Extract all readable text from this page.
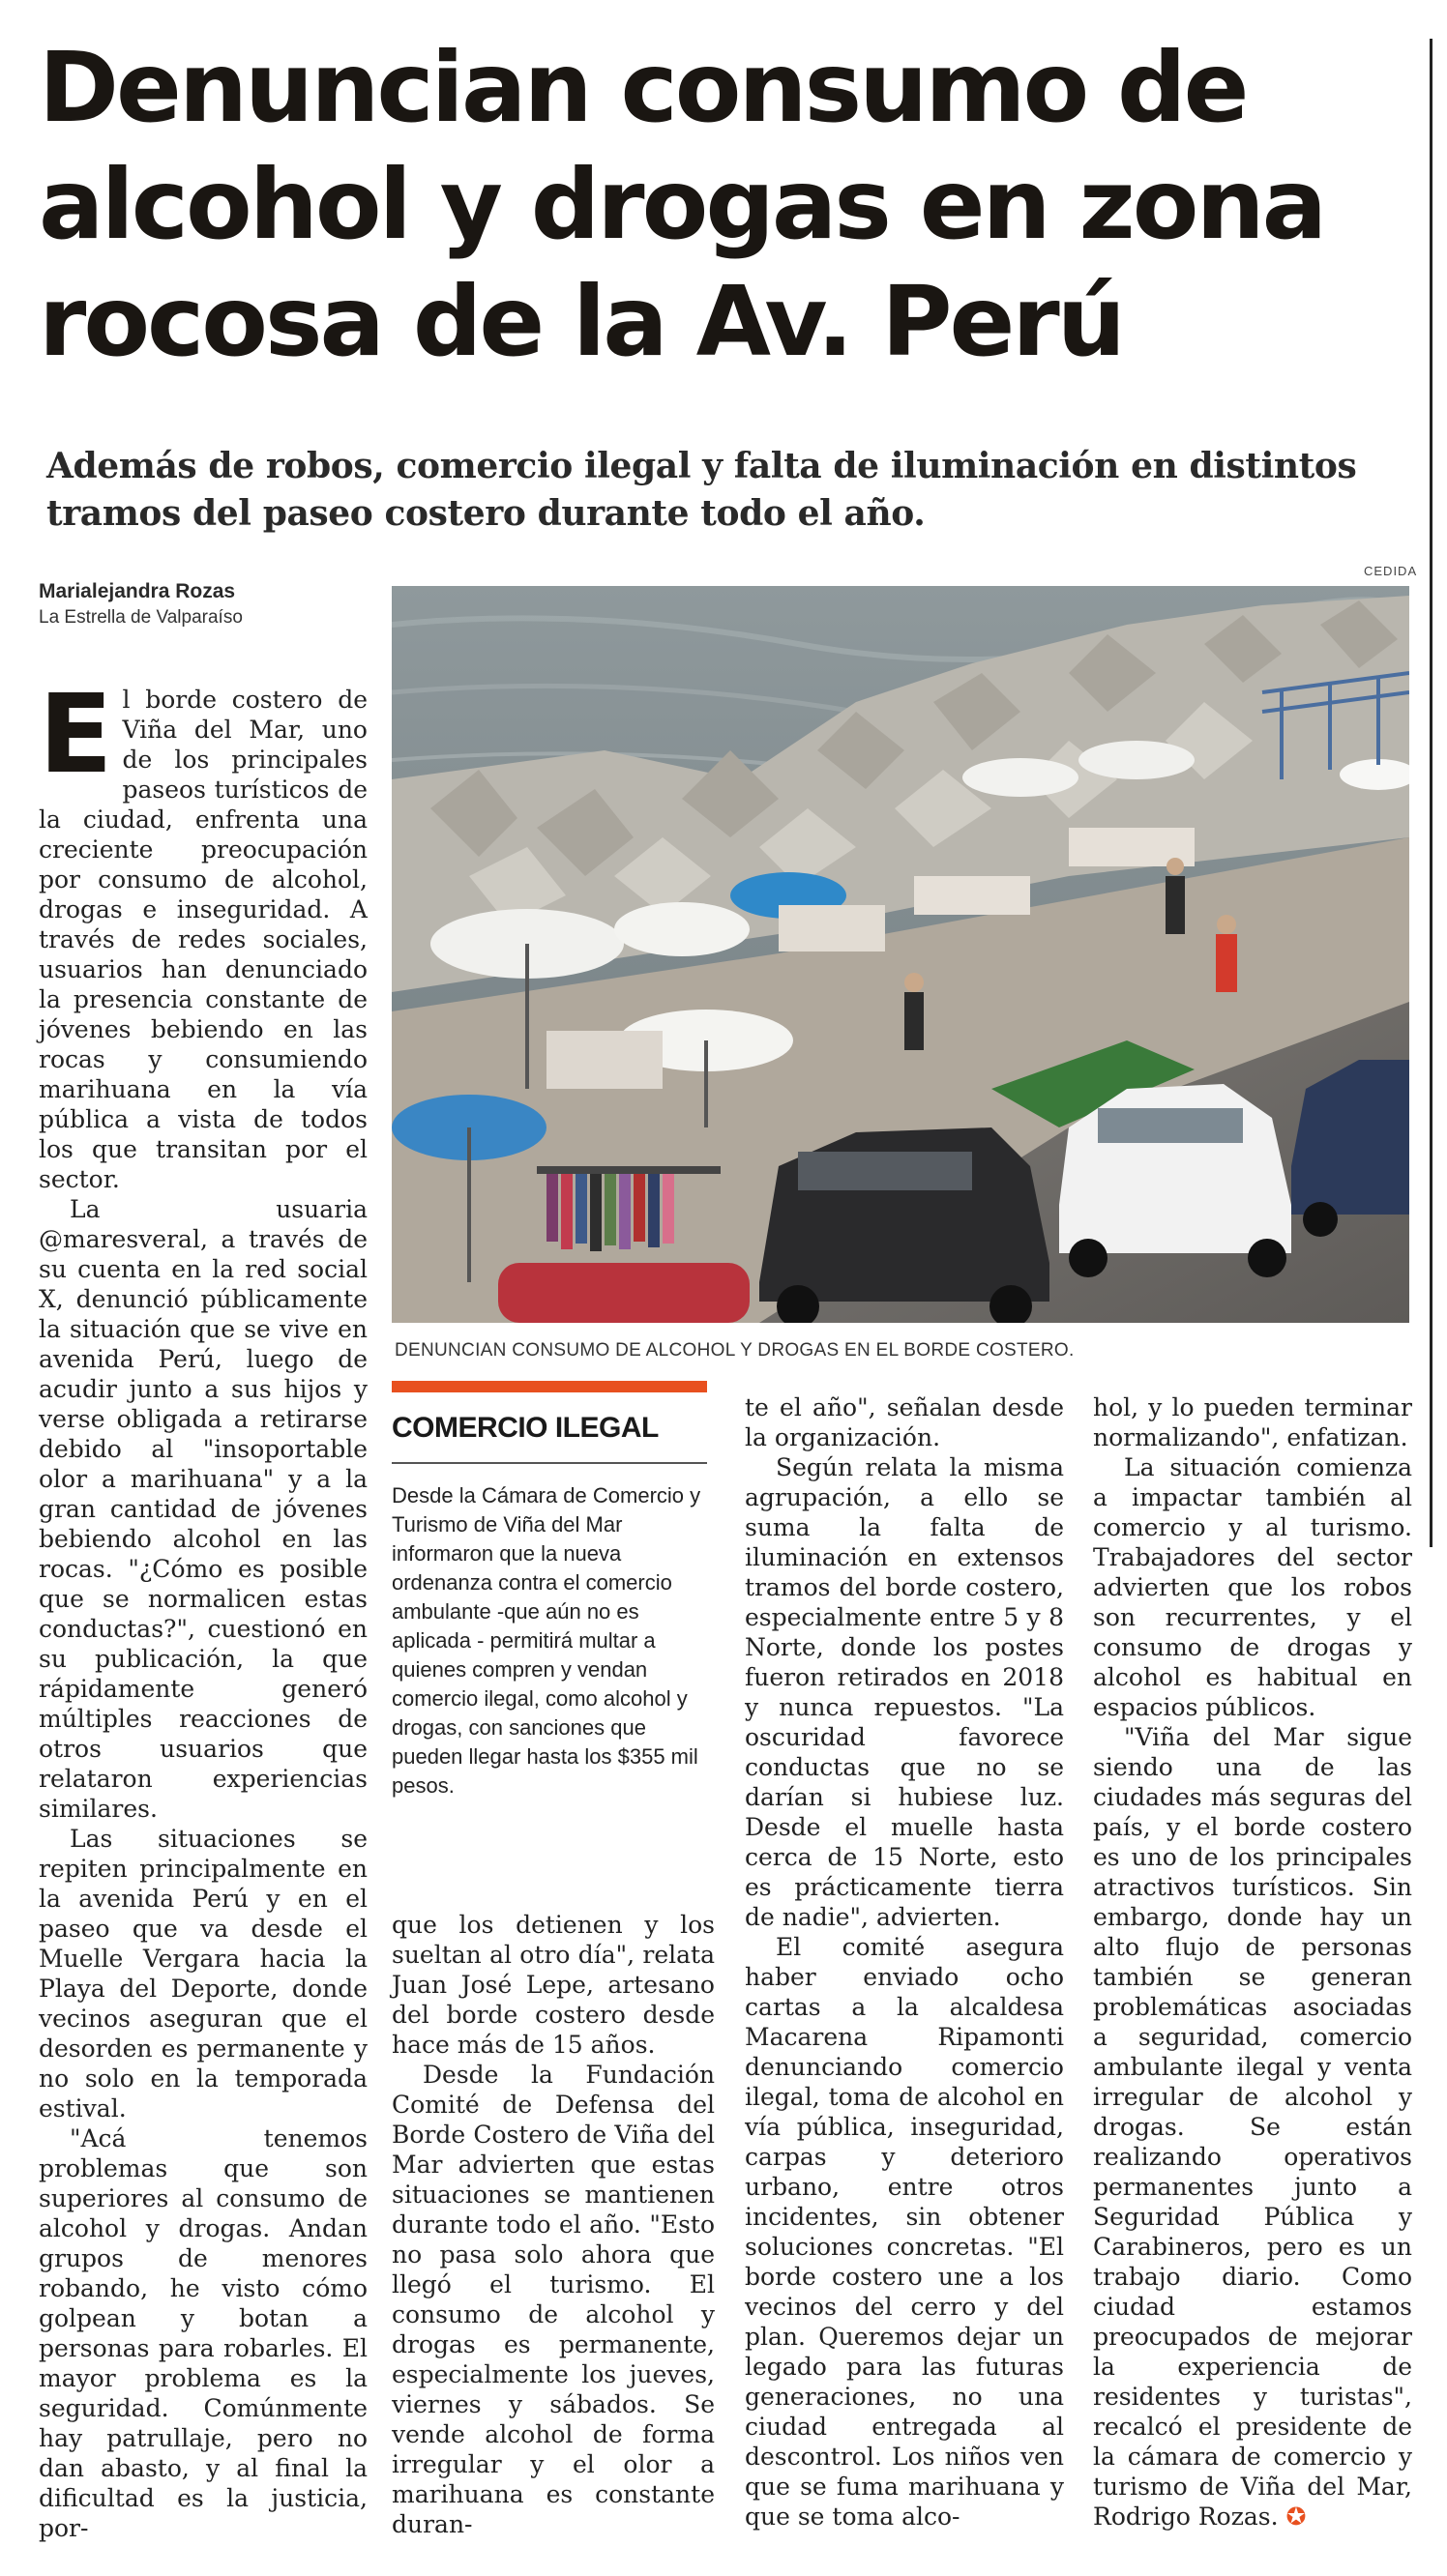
Denuncian consumo de alcohol y drogas en zona rocosa de la Av. Perú
Además de robos, comercio ilegal y falta de iluminación en distintos tramos del paseo costero durante todo el año.
Marialejandra Rozas
La Estrella de Valparaíso
CEDIDA
DENUNCIAN CONSUMO DE ALCOHOL Y DROGAS EN EL BORDE COSTERO.

El borde costero de Viña del Mar, uno de los principales paseos turísticos de la ciudad, enfrenta una creciente preocupación por consumo de alcohol, drogas e inseguridad. A través de redes sociales, usuarios han denunciado la presencia constante de jóvenes bebiendo en las rocas y consumiendo marihuana en la vía pública a vista de todos los que transitan por el sector.

La usuaria @maresveral, a través de su cuenta en la red social X, denunció públicamente la situación que se vive en avenida Perú, luego de acudir junto a sus hijos y verse obligada a retirarse debido al "insoportable olor a marihuana" y a la gran cantidad de jóvenes bebiendo alcohol en las rocas. "¿Cómo es posible que se normalicen estas conductas?", cuestionó en su publicación, la que rápidamente generó múltiples reacciones de otros usuarios que relataron experiencias similares.

Las situaciones se repiten principalmente en la avenida Perú y en el paseo que va desde el Muelle Vergara hacia la Playa del Deporte, donde vecinos aseguran que el desorden es permanente y no solo en la temporada estival.

"Acá tenemos problemas que son superiores al consumo de alcohol y drogas. Andan grupos de menores robando, he visto cómo golpean y botan a personas para robarles. El mayor problema es la seguridad. Comúnmente hay patrullaje, pero no dan abasto, y al final la dificultad es la justicia, por-

COMERCIO ILEGAL
Desde la Cámara de Comercio y Turismo de Viña del Mar informaron que la nueva ordenanza contra el comercio ambulante -que aún no es aplicada - permitirá multar a quienes compren y vendan comercio ilegal, como alcohol y drogas, con sanciones que pueden llegar hasta los $355 mil pesos.

que los detienen y los sueltan al otro día", relata Juan José Lepe, artesano del borde costero desde hace más de 15 años.

Desde la Fundación Comité de Defensa del Borde Costero de Viña del Mar advierten que estas situaciones se mantienen durante todo el año. "Esto no pasa solo ahora que llegó el turismo. El consumo de alcohol y drogas es permanente, especialmente los jueves, viernes y sábados. Se vende alcohol de forma irregular y el olor a marihuana es constante duran-

te el año", señalan desde la organización.

Según relata la misma agrupación, a ello se suma la falta de iluminación en extensos tramos del borde costero, especialmente entre 5 y 8 Norte, donde los postes fueron retirados en 2018 y nunca repuestos. "La oscuridad favorece conductas que no se darían si hubiese luz. Desde el muelle hasta cerca de 15 Norte, esto es prácticamente tierra de nadie", advierten.

El comité asegura haber enviado ocho cartas a la alcaldesa Macarena Ripamonti denunciando comercio ilegal, toma de alcohol en vía pública, inseguridad, carpas y deterioro urbano, entre otros incidentes, sin obtener soluciones concretas. "El borde costero une a los vecinos del cerro y del plan. Queremos dejar un legado para las futuras generaciones, no una ciudad entregada al descontrol. Los niños ven que se fuma marihuana y que se toma alco-

hol, y lo pueden terminar normalizando", enfatizan.

La situación comienza a impactar también al comercio y al turismo. Trabajadores del sector advierten que los robos son recurrentes, y el consumo de drogas y alcohol es habitual en espacios públicos.

"Viña del Mar sigue siendo una de las ciudades más seguras del país, y el borde costero es uno de los principales atractivos turísticos. Sin embargo, donde hay un alto flujo de personas también se generan problemáticas asociadas a seguridad, comercio ambulante ilegal y venta irregular de alcohol y drogas. Se están realizando operativos permanentes junto a Seguridad Pública y Carabineros, pero es un trabajo diario. Como ciudad estamos preocupados de mejorar la experiencia de residentes y turistas", recalcó el presidente de la cámara de comercio y turismo de Viña del Mar, Rodrigo Rozas. ✪
